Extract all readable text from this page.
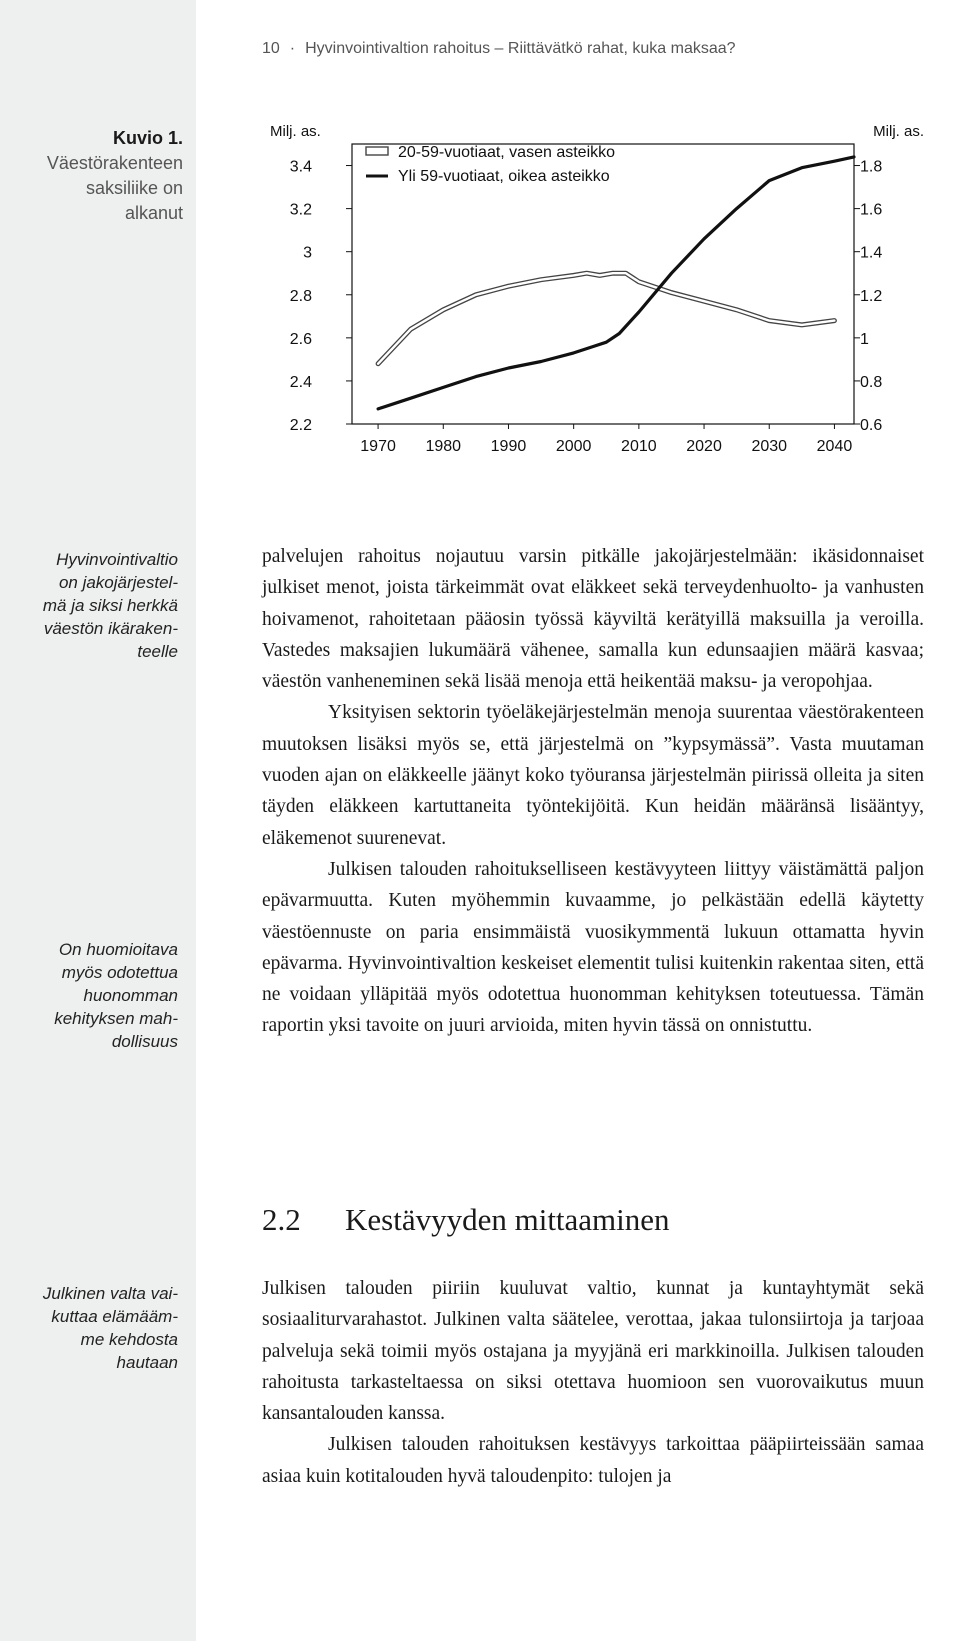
10 · Hyvinvointivaltion rahoitus – Riittävätkö rahat, kuka maksaa?
Kuvio 1.
Väestörakenteen
saksiliike on
alkanut
Milj. as.	Milj. as.
2.2
2.4
2.6
2.8
3
3.2
3.4
0.6
0.8
1
1.2
1.4
1.6
1.8
1970 1980 1990 2000 2010 2020 2030 2040
20-59-vuotiaat, vasen asteikko
Yli 59-vuotiaat, oikea asteikko
Hyvinvointivaltio
on jakojärjestel-
mä ja siksi herkkä
väestön ikäraken-
teelle
On huomioitava
myös odotettua
huonomman
kehityksen mah-
dollisuus
Julkinen valta vai-
kuttaa elämääm-
me kehdosta
hautaan

palvelujen rahoitus nojautuu varsin pitkälle jakojärjestelmään: ikäsidonnaiset julkiset menot, joista tärkeimmät ovat eläkkeet sekä terveydenhuolto- ja vanhusten hoivamenot, rahoitetaan pääosin työssä käyviltä kerätyillä maksuilla ja veroilla. Vastedes maksajien lukumäärä vähenee, samalla kun edunsaajien määrä kasvaa; väestön vanheneminen sekä lisää menoja että heikentää maksu- ja veropohjaa.

Yksityisen sektorin työeläkejärjestelmän menoja suurentaa väestörakenteen muutoksen lisäksi myös se, että järjestelmä on ”kypsymässä”. Vasta muutaman vuoden ajan on eläkkeelle jäänyt koko työuransa järjestelmän piirissä olleita ja siten täyden eläkkeen kartuttaneita työntekijöitä. Kun heidän määränsä lisääntyy, eläkemenot suurenevat.

Julkisen talouden rahoitukselliseen kestävyyteen liittyy väistämättä paljon epävarmuutta. Kuten myöhemmin kuvaamme, jo pelkästään edellä käytetty väestöennuste on paria ensimmäistä vuosikymmentä lukuun ottamatta hyvin epävarma. Hyvinvointivaltion keskeiset elementit tulisi kuitenkin rakentaa siten, että ne voidaan ylläpitää myös odotettua huonomman kehityksen toteutuessa. Tämän raportin yksi tavoite on juuri arvioida, miten hyvin tässä on onnistuttu.

2.2 Kestävyyden mittaaminen

Julkisen talouden piiriin kuuluvat valtio, kunnat ja kuntayhtymät sekä sosiaaliturvarahastot. Julkinen valta säätelee, verottaa, jakaa tulonsiirtoja ja tarjoaa palveluja sekä toimii myös ostajana ja myyjänä eri markkinoilla. Julkisen talouden rahoitusta tarkasteltaessa on siksi otettava huomioon sen vuorovaikutus muun kansantalouden kanssa.

Julkisen talouden rahoituksen kestävyys tarkoittaa pääpiirteissään samaa asiaa kuin kotitalouden hyvä taloudenpito: tulojen ja
